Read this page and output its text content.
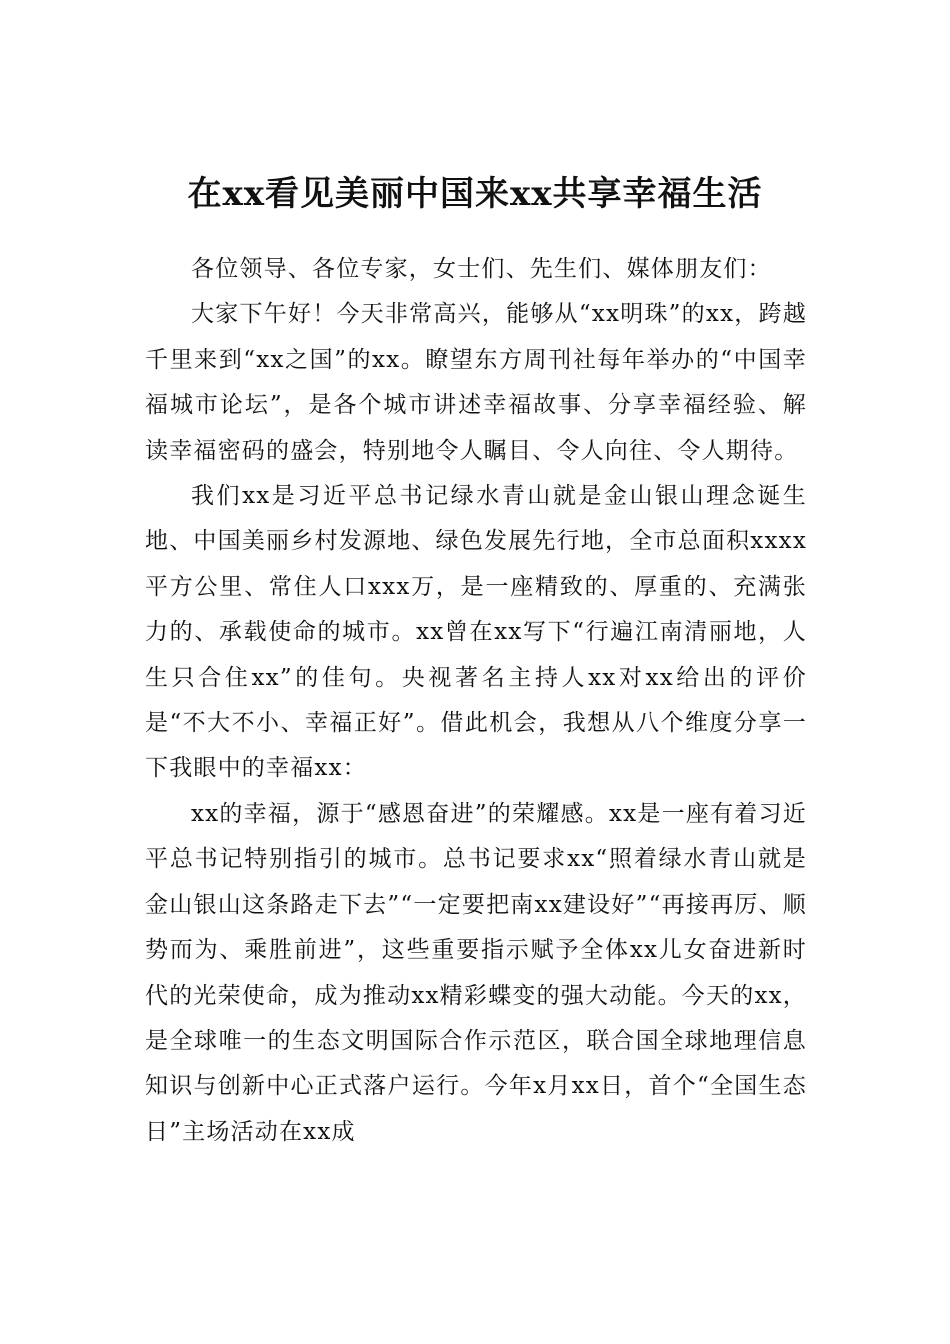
在xx看见美丽中国来xx共享幸福生活

各位领导、各位专家，女士们、先生们、媒体朋友们：

大家下午好！今天非常高兴，能够从“xx明珠”的xx，跨越千里来到“xx之国”的xx。瞭望东方周刊社每年举办的“中国幸福城市论坛”，是各个城市讲述幸福故事、分享幸福经验、解读幸福密码的盛会，特别地令人瞩目、令人向往、令人期待。

我们xx是习近平总书记绿水青山就是金山银山理念诞生地、中国美丽乡村发源地、绿色发展先行地，全市总面积xxxx平方公里、常住人口xxx万，是一座精致的、厚重的、充满张力的、承载使命的城市。xx曾在xx写下“行遍江南清丽地，人生只合住xx”的佳句。央视著名主持人xx对xx给出的评价是“不大不小、幸福正好”。借此机会，我想从八个维度分享一下我眼中的幸福xx：

xx的幸福，源于“感恩奋进”的荣耀感。xx是一座有着习近平总书记特别指引的城市。总书记要求xx“照着绿水青山就是金山银山这条路走下去”“一定要把南xx建设好”“再接再厉、顺势而为、乘胜前进”，这些重要指示赋予全体xx儿女奋进新时代的光荣使命，成为推动xx精彩蝶变的强大动能。今天的xx，是全球唯一的生态文明国际合作示范区，联合国全球地理信息知识与创新中心正式落户运行。今年x月xx日，首个“全国生态日”主场活动在xx成
